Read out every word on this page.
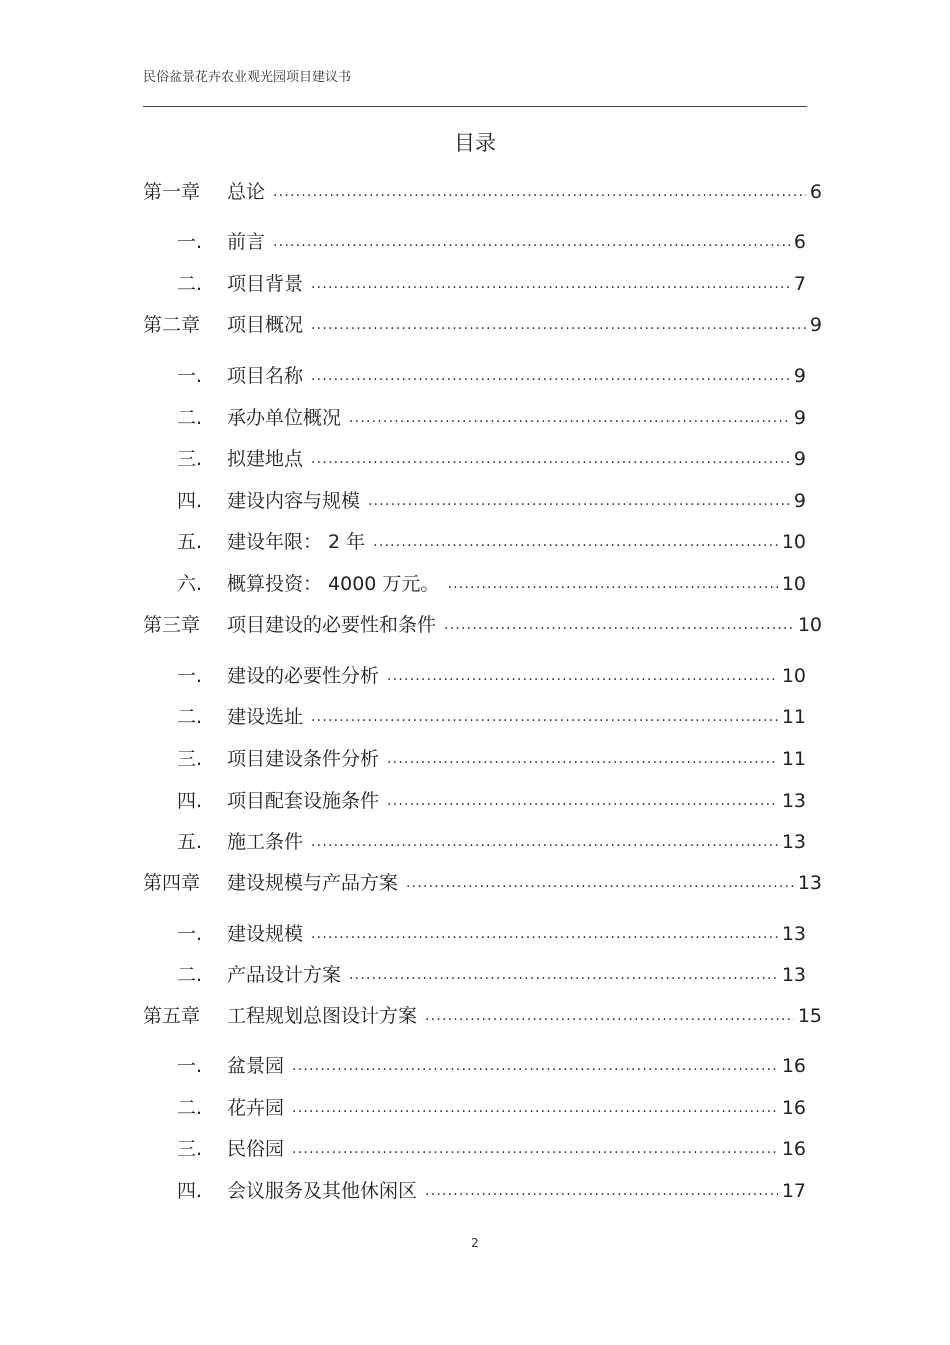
民俗盆景花卉农业观光园项目建议书
目录
第一章	总论 .....	6
一.	前言 .....	6
二.	项目背景 .....	7
第二章	项目概况 .....	9
一.	项目名称 .....	9
二.	承办单位概况 .....	9
三.	拟建地点 .....	9
四.	建设内容与规模 .....	9
五.	建设年限： 2 年 .....	10
六.	概算投资： 4000 万元。 .....	10
第三章	项目建设的必要性和条件 .....	10
一.	建设的必要性分析 .....	10
二.	建设选址 .....	11
三.	项目建设条件分析 .....	11
四.	项目配套设施条件 .....	13
五.	施工条件 .....	13
第四章	建设规模与产品方案 .....	13
一.	建设规模 .....	13
二.	产品设计方案 .....	13
第五章	工程规划总图设计方案 .....	15
一.	盆景园 .....	16
二.	花卉园 .....	16
三.	民俗园 .....	16
四.	会议服务及其他休闲区 .....	17
2
